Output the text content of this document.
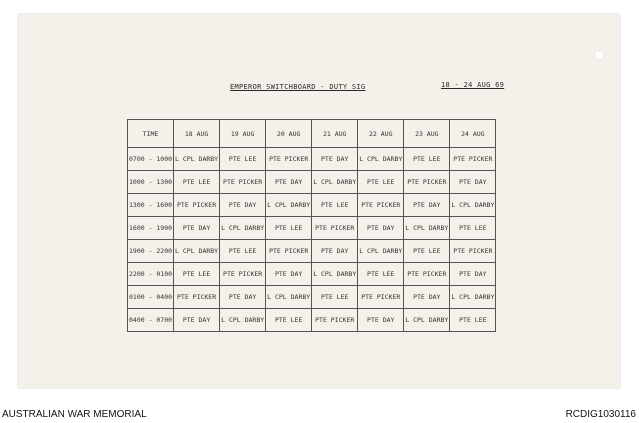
EMPEROR SWITCHBOARD - DUTY SIG	18 - 24 AUG 69
TIME	18 AUG	19 AUG	20 AUG	21 AUG	22 AUG	23 AUG	24 AUG
0700 - 1000	L CPL DARBY	PTE LEE	PTE PICKER	PTE DAY	L CPL DARBY	PTE LEE	PTE PICKER
1000 - 1300	PTE LEE	PTE PICKER	PTE DAY	L CPL DARBY	PTE LEE	PTE PICKER	PTE DAY
1300 - 1600	PTE PICKER	PTE DAY	L CPL DARBY	PTE LEE	PTE PICKER	PTE DAY	L CPL DARBY
1600 - 1900	PTE DAY	L CPL DARBY	PTE LEE	PTE PICKER	PTE DAY	L CPL DARBY	PTE LEE
1900 - 2200	L CPL DARBY	PTE LEE	PTE PICKER	PTE DAY	L CPL DARBY	PTE LEE	PTE PICKER
2200 - 0100	PTE LEE	PTE PICKER	PTE DAY	L CPL DARBY	PTE LEE	PTE PICKER	PTE DAY
0100 - 0400	PTE PICKER	PTE DAY	L CPL DARBY	PTE LEE	PTE PICKER	PTE DAY	L CPL DARBY
0400 - 0700	PTE DAY	L CPL DARBY	PTE LEE	PTE PICKER	PTE DAY	L CPL DARBY	PTE LEE
AUSTRALIAN WAR MEMORIAL	RCDIG1030116
